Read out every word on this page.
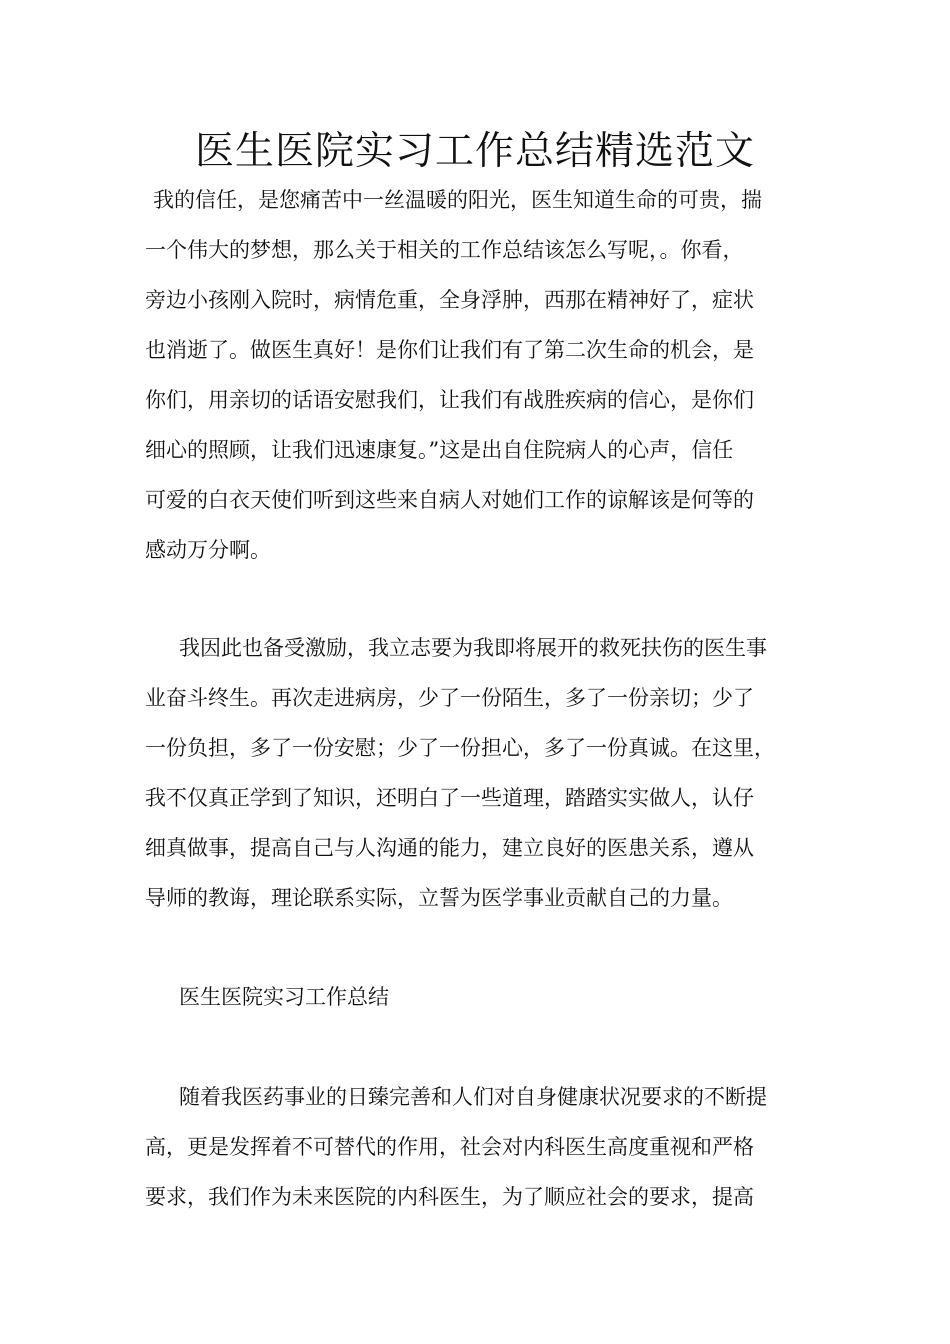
医生医院实习工作总结精选范文
我的信任，是您痛苦中一丝温暖的阳光，医生知道生命的可贵，揣
一个伟大的梦想，那么关于相关的工作总结该怎么写呢，。你看，
旁边小孩刚入院时，病情危重，全身浮肿，西那在精神好了，症状
也消逝了。做医生真好！是你们让我们有了第二次生命的机会，是
你们，用亲切的话语安慰我们，让我们有战胜疾病的信心，是你们
细心的照顾，让我们迅速康复。”这是出自住院病人的心声，信任
可爱的白衣天使们听到这些来自病人对她们工作的谅解该是何等的
感动万分啊。
我因此也备受激励，我立志要为我即将展开的救死扶伤的医生事
业奋斗终生。再次走进病房，少了一份陌生，多了一份亲切；少了
一份负担，多了一份安慰；少了一份担心，多了一份真诚。在这里，
我不仅真正学到了知识，还明白了一些道理，踏踏实实做人，认仔
细真做事，提高自己与人沟通的能力，建立良好的医患关系，遵从
导师的教诲，理论联系实际，立誓为医学事业贡献自己的力量。
医生医院实习工作总结
随着我医药事业的日臻完善和人们对自身健康状况要求的不断提
高，更是发挥着不可替代的作用，社会对内科医生高度重视和严格
要求，我们作为未来医院的内科医生，为了顺应社会的要求，提高
